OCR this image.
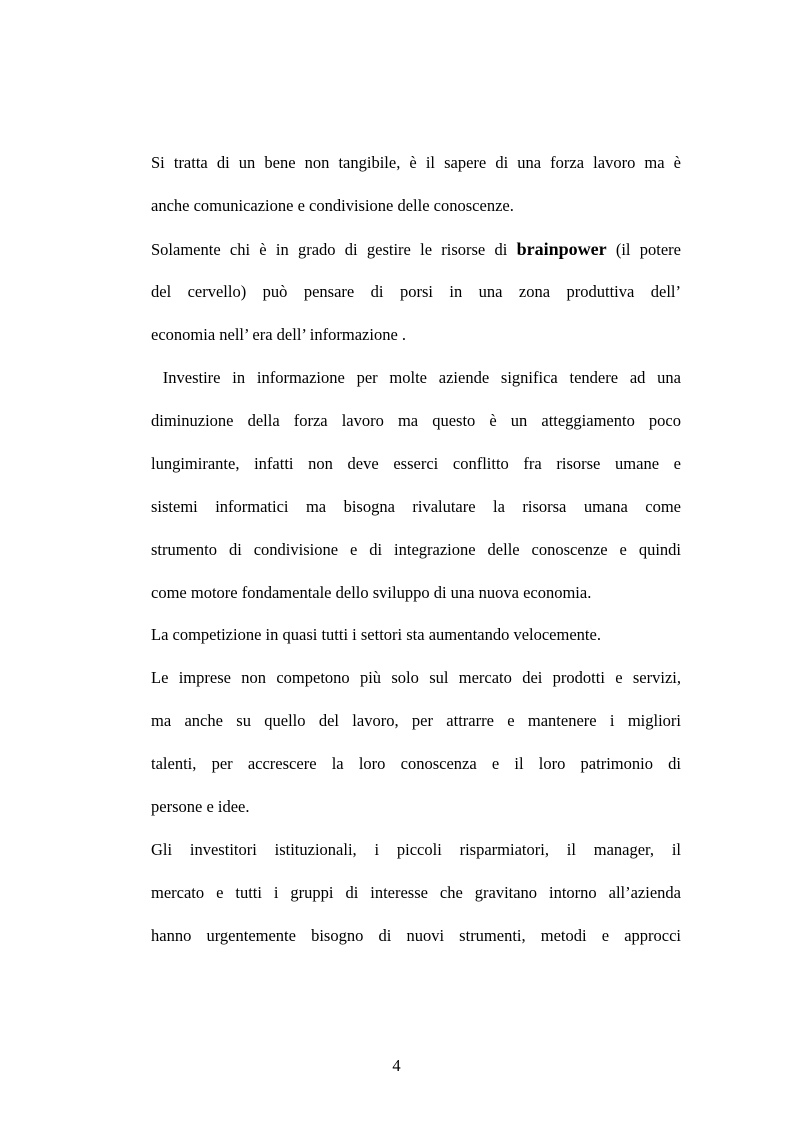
Si tratta di un bene non tangibile, è il sapere di una forza lavoro ma è
anche comunicazione e condivisione delle conoscenze.
Solamente chi è in grado di gestire le risorse di brainpower (il potere
del cervello) può pensare di porsi in una zona produttiva dell’
economia nell’ era dell’ informazione .
Investire in informazione per molte aziende significa tendere ad una
diminuzione della forza lavoro ma questo è un atteggiamento poco
lungimirante, infatti non deve esserci conflitto fra risorse umane e
sistemi informatici ma bisogna rivalutare la risorsa umana come
strumento di condivisione e di integrazione delle conoscenze e quindi
come motore fondamentale dello sviluppo di una nuova economia.
La competizione in quasi tutti i settori sta aumentando velocemente.
Le imprese non competono più solo sul mercato dei prodotti e servizi,
ma anche su quello del lavoro, per attrarre e mantenere i migliori
talenti, per accrescere la loro conoscenza e il loro patrimonio di
persone e idee.
Gli investitori istituzionali, i piccoli risparmiatori, il manager, il
mercato e tutti i gruppi di interesse che gravitano intorno all’azienda
hanno urgentemente bisogno di nuovi strumenti, metodi e approcci
4
